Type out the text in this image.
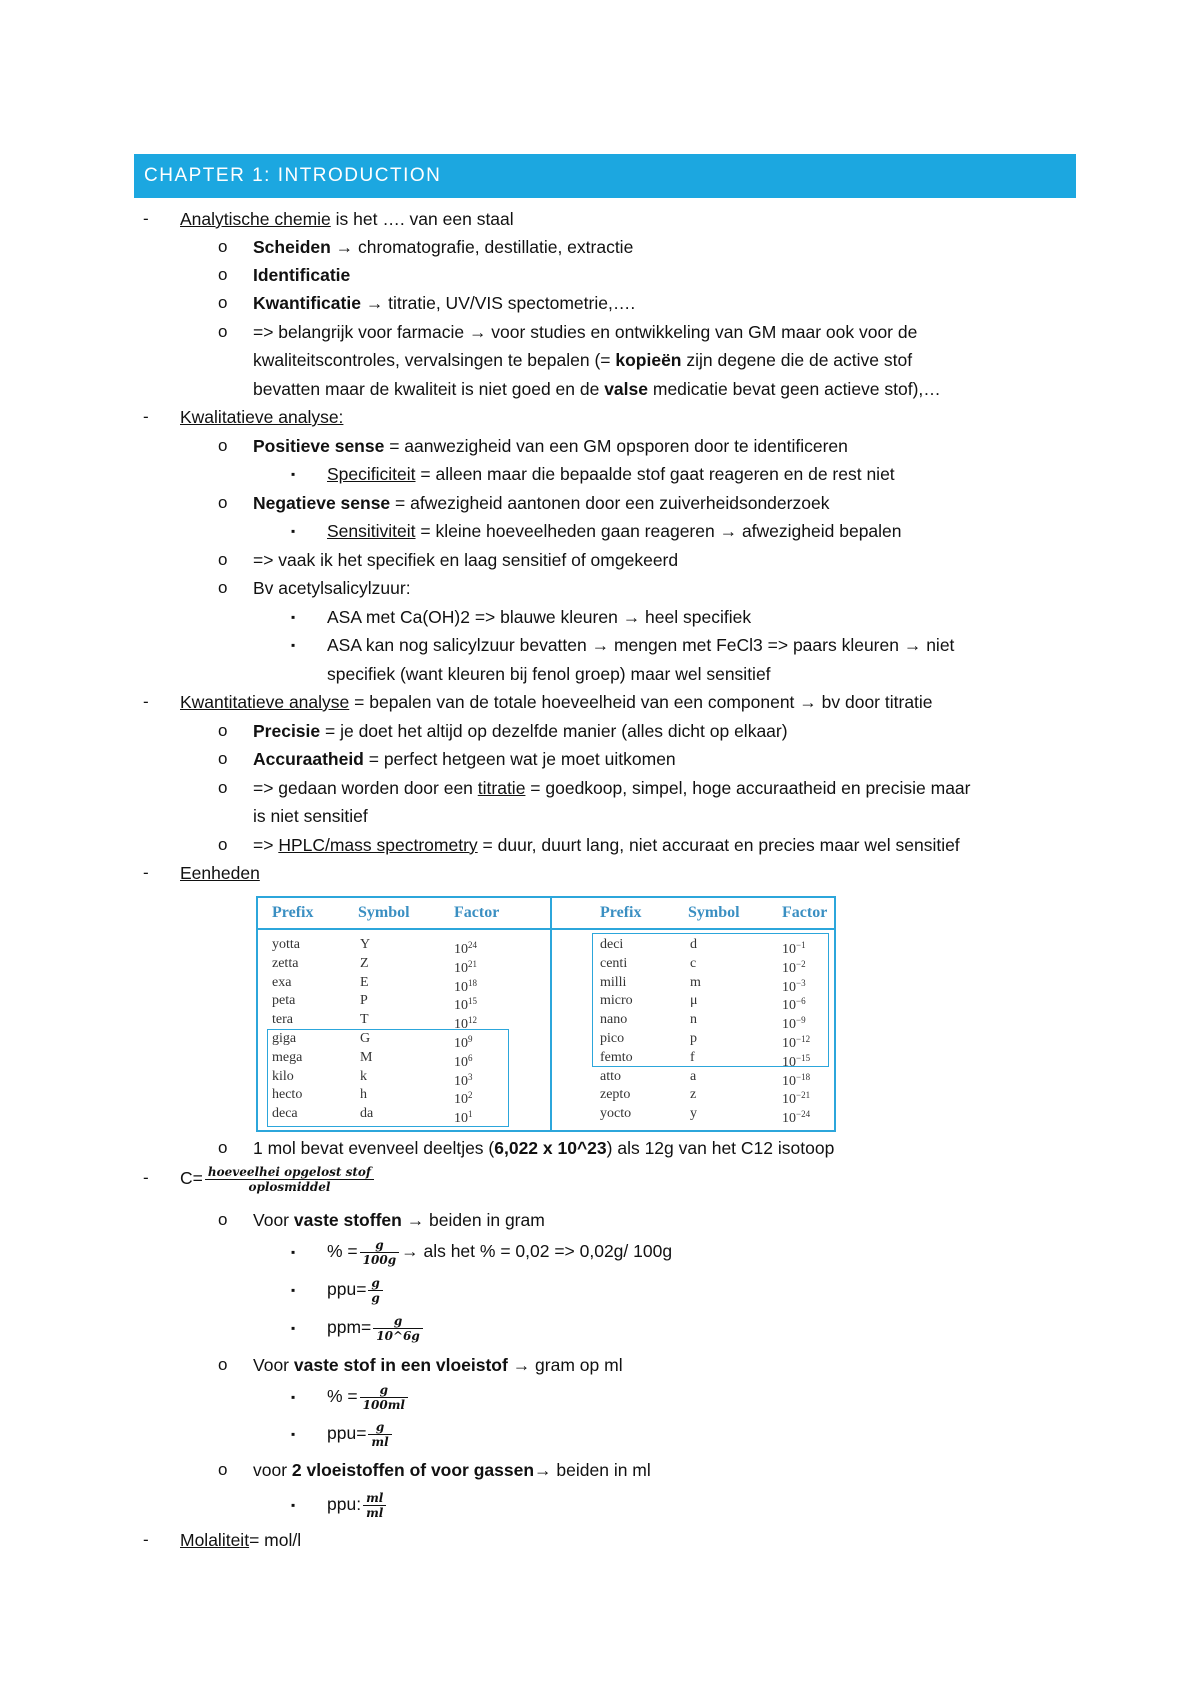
CHAPTER 1: INTRODUCTION
- Analytische chemie is het …. van een staal
o Scheiden → chromatografie, destillatie, extractie
o Identificatie
o Kwantificatie → titratie, UV/VIS spectometrie,….
o => belangrijk voor farmacie → voor studies en ontwikkeling van GM maar ook voor de
kwaliteitscontroles, vervalsingen te bepalen (= kopieën zijn degene die de active stof
bevatten maar de kwaliteit is niet goed en de valse medicatie bevat geen actieve stof),…
- Kwalitatieve analyse:
o Positieve sense = aanwezigheid van een GM opsporen door te identificeren
▪ Specificiteit = alleen maar die bepaalde stof gaat reageren en de rest niet
o Negatieve sense = afwezigheid aantonen door een zuiverheidsonderzoek
▪ Sensitiviteit = kleine hoeveelheden gaan reageren → afwezigheid bepalen
o => vaak ik het specifiek en laag sensitief of omgekeerd
o Bv acetylsalicylzuur:
▪ ASA met Ca(OH)2 => blauwe kleuren → heel specifiek
▪ ASA kan nog salicylzuur bevatten → mengen met FeCl3 => paars kleuren → niet
specifiek (want kleuren bij fenol groep) maar wel sensitief
- Kwantitatieve analyse = bepalen van de totale hoeveelheid van een component → bv door titratie
o Precisie = je doet het altijd op dezelfde manier (alles dicht op elkaar)
o Accuraatheid = perfect hetgeen wat je moet uitkomen
o => gedaan worden door een titratie = goedkoop, simpel, hoge accuraatheid en precisie maar
is niet sensitief
o => HPLC/mass spectrometry = duur, duurt lang, niet accuraat en precies maar wel sensitief
- Eenheden
Prefix	Symbol	Factor
yotta	Y	$10^{24}$
zetta	Z	$10^{21}$
exa	E	$10^{18}$
peta	P	$10^{15}$
tera	T	$10^{12}$
giga	G	$10^9$
mega	M	$10^6$
kilo	k	$10^3$
hecto	h	$10^2$
deca	da	$10^1$
Prefix	Symbol	Factor
deci	d	$10^{-1}$
centi	c	$10^{-2}$
milli	m	$10^{-3}$
micro	μ	$10^{-6}$
nano	n	$10^{-9}$
pico	p	$10^{-12}$
femto	f	$10^{-15}$
atto	a	$10^{-18}$
zepto	z	$10^{-21}$
yocto	y	$10^{-24}$
o 1 mol bevat evenveel deeltjes (6,022 x 10^23) als 12g van het C12 isotoop
- $C= \frac{\text{hoeveelhei opgelost stof}}{\text{oplosmiddel}}$
o Voor vaste stoffen → beiden in gram
▪ % = $\frac{g}{100g}$ → als het % = 0,02 => 0,02g/ 100g
▪ $ppu= \frac{g}{g}$
▪ $ppm= \frac{g}{10\^{}6g}$
o Voor vaste stof in een vloeistof → gram op ml
▪ % = $\frac{g}{100ml}$
▪ $ppu= \frac{g}{ml}$
o voor 2 vloeistoffen of voor gassen→ beiden in ml
▪ ppu: $\frac{ml}{ml}$
- Molaliteit= mol/l
